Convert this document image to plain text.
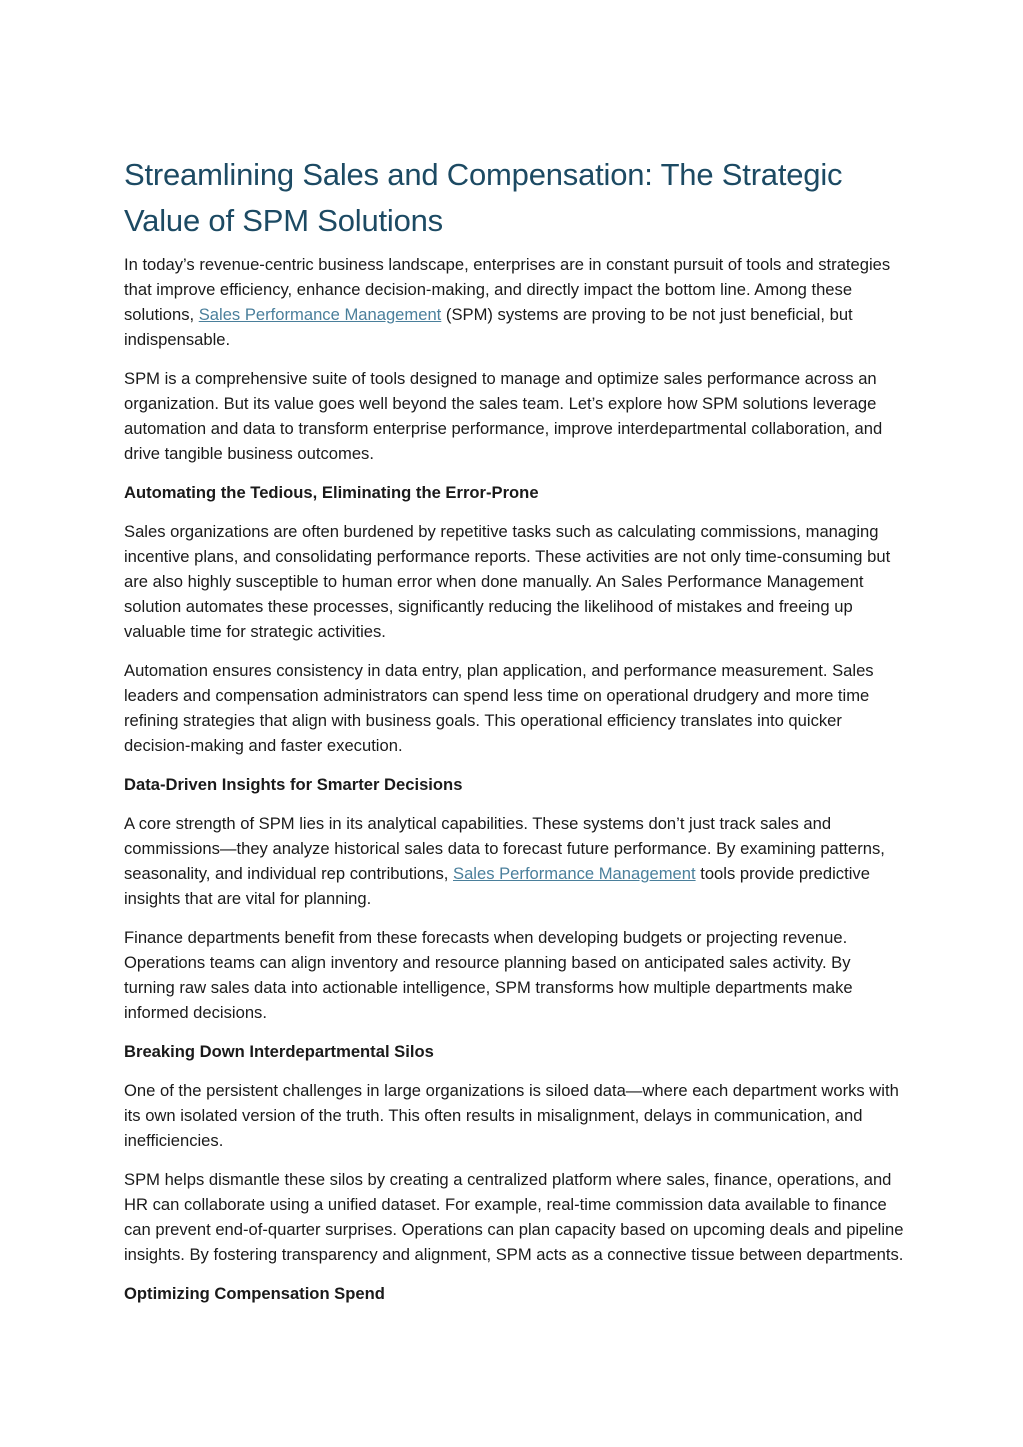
Streamlining Sales and Compensation: The Strategic Value of SPM Solutions

In today’s revenue-centric business landscape, enterprises are in constant pursuit of tools and strategies that improve efficiency, enhance decision-making, and directly impact the bottom line. Among these solutions, Sales Performance Management (SPM) systems are proving to be not just beneficial, but indispensable.

SPM is a comprehensive suite of tools designed to manage and optimize sales performance across an organization. But its value goes well beyond the sales team. Let’s explore how SPM solutions leverage automation and data to transform enterprise performance, improve interdepartmental collaboration, and drive tangible business outcomes.

Automating the Tedious, Eliminating the Error-Prone

Sales organizations are often burdened by repetitive tasks such as calculating commissions, managing incentive plans, and consolidating performance reports. These activities are not only time-consuming but are also highly susceptible to human error when done manually. An Sales Performance Management solution automates these processes, significantly reducing the likelihood of mistakes and freeing up valuable time for strategic activities.

Automation ensures consistency in data entry, plan application, and performance measurement. Sales leaders and compensation administrators can spend less time on operational drudgery and more time refining strategies that align with business goals. This operational efficiency translates into quicker decision-making and faster execution.

Data-Driven Insights for Smarter Decisions

A core strength of SPM lies in its analytical capabilities. These systems don’t just track sales and commissions—they analyze historical sales data to forecast future performance. By examining patterns, seasonality, and individual rep contributions, Sales Performance Management tools provide predictive insights that are vital for planning.

Finance departments benefit from these forecasts when developing budgets or projecting revenue. Operations teams can align inventory and resource planning based on anticipated sales activity. By turning raw sales data into actionable intelligence, SPM transforms how multiple departments make informed decisions.

Breaking Down Interdepartmental Silos

One of the persistent challenges in large organizations is siloed data—where each department works with its own isolated version of the truth. This often results in misalignment, delays in communication, and inefficiencies.

SPM helps dismantle these silos by creating a centralized platform where sales, finance, operations, and HR can collaborate using a unified dataset. For example, real-time commission data available to finance can prevent end-of-quarter surprises. Operations can plan capacity based on upcoming deals and pipeline insights. By fostering transparency and alignment, SPM acts as a connective tissue between departments.

Optimizing Compensation Spend
